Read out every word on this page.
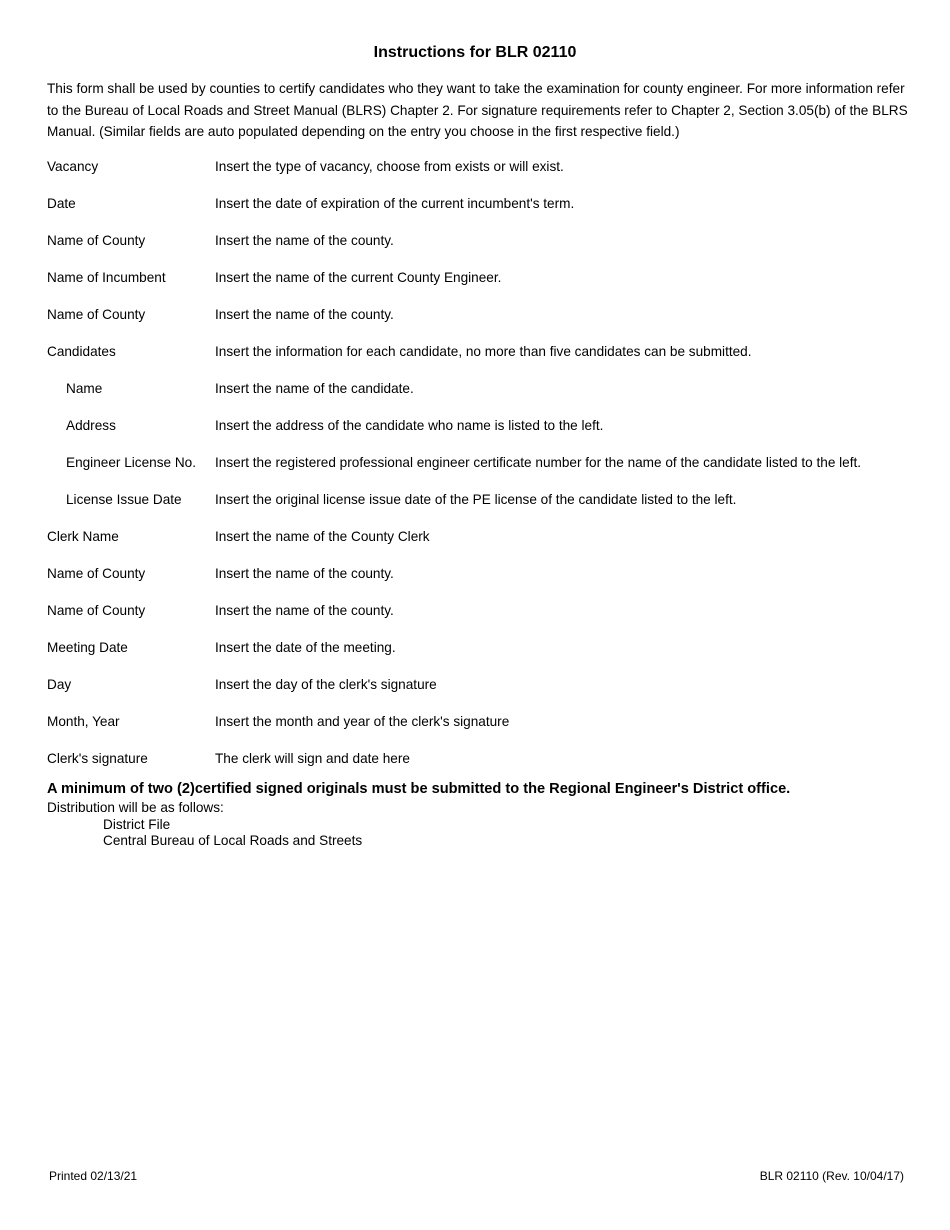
Instructions for BLR 02110
This form shall be used by counties to certify candidates who they want to take the examination for county engineer. For more information refer to the Bureau of Local Roads and Street Manual (BLRS) Chapter 2. For signature requirements refer to Chapter 2, Section 3.05(b) of the BLRS Manual. (Similar fields are auto populated depending on the entry you choose in the first respective field.)
Vacancy	Insert the type of vacancy, choose from exists or will exist.
Date	Insert the date of expiration of the current incumbent's term.
Name of County	Insert the name of the county.
Name of Incumbent	Insert the name of the current County Engineer.
Name of County	Insert the name of the county.
Candidates	Insert the information for each candidate, no more than five candidates can be submitted.
Name	Insert the name of the candidate.
Address	Insert the address of the candidate who name is listed to the left.
Engineer License No. Insert the registered professional engineer certificate number for the name of the candidate listed to the left.
License Issue Date Insert the original license issue date of the PE license of the candidate listed to the left.
Clerk Name	Insert the name of the County Clerk
Name of County	Insert the name of the county.
Name of County	Insert the name of the county.
Meeting Date	Insert the date of the meeting.
Day	Insert the day of the clerk's signature
Month, Year	Insert the month and year of the clerk's signature
Clerk's signature	The clerk will sign and date here
A minimum of two (2)certified signed originals must be submitted to the Regional Engineer's District office.
Distribution will be as follows:
District File
Central Bureau of Local Roads and Streets
Printed 02/13/21	BLR 02110 (Rev. 10/04/17)
